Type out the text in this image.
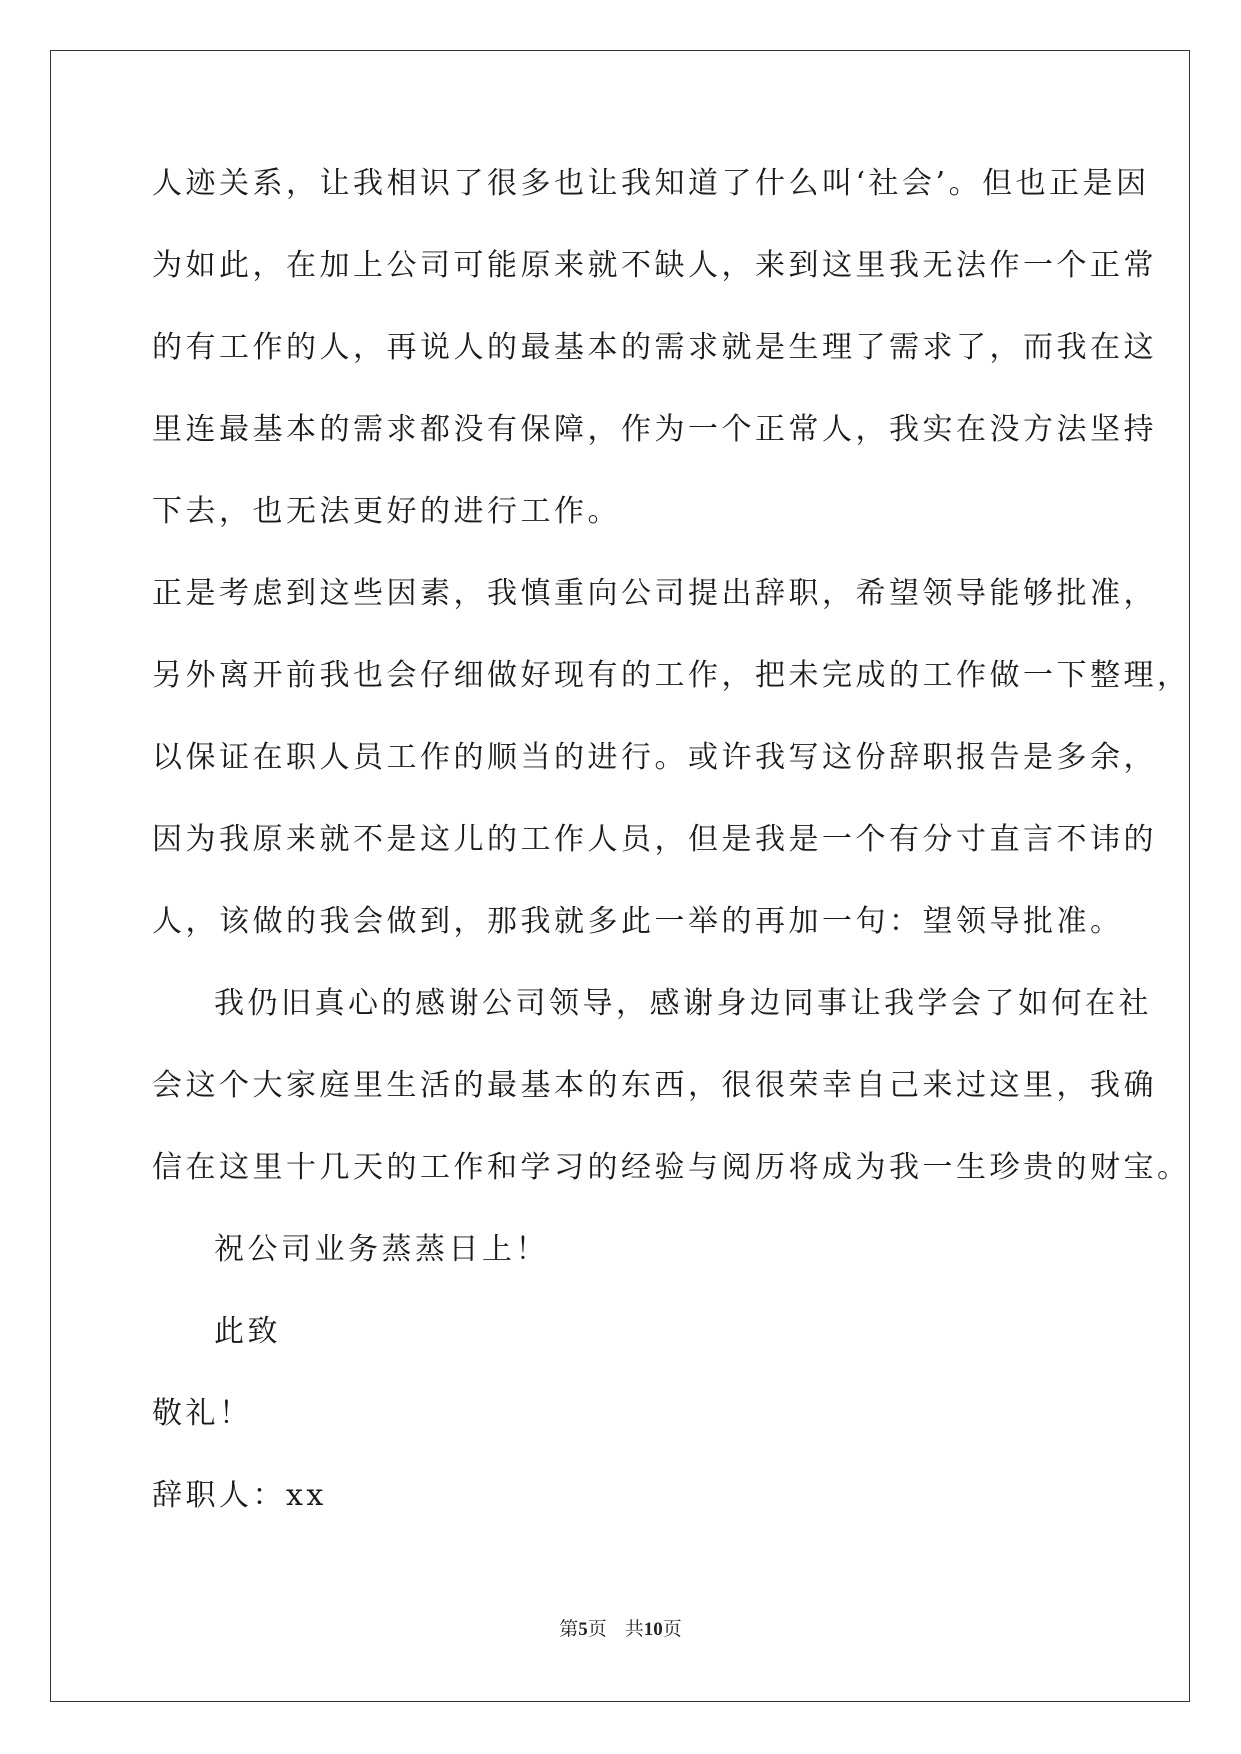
人迹关系，让我相识了很多也让我知道了什么叫‘社会’。但也正是因
为如此，在加上公司可能原来就不缺人，来到这里我无法作一个正常
的有工作的人，再说人的最基本的需求就是生理了需求了，而我在这
里连最基本的需求都没有保障，作为一个正常人，我实在没方法坚持
下去，也无法更好的进行工作。
正是考虑到这些因素，我慎重向公司提出辞职，希望领导能够批准，
另外离开前我也会仔细做好现有的工作，把未完成的工作做一下整理，
以保证在职人员工作的顺当的进行。或许我写这份辞职报告是多余，
因为我原来就不是这儿的工作人员，但是我是一个有分寸直言不讳的
人，该做的我会做到，那我就多此一举的再加一句：望领导批准。
我仍旧真心的感谢公司领导，感谢身边同事让我学会了如何在社
会这个大家庭里生活的最基本的东西，很很荣幸自己来过这里，我确
信在这里十几天的工作和学习的经验与阅历将成为我一生珍贵的财宝。
祝公司业务蒸蒸日上！
此致
敬礼！
辞职人：xx
第5页 共10页
